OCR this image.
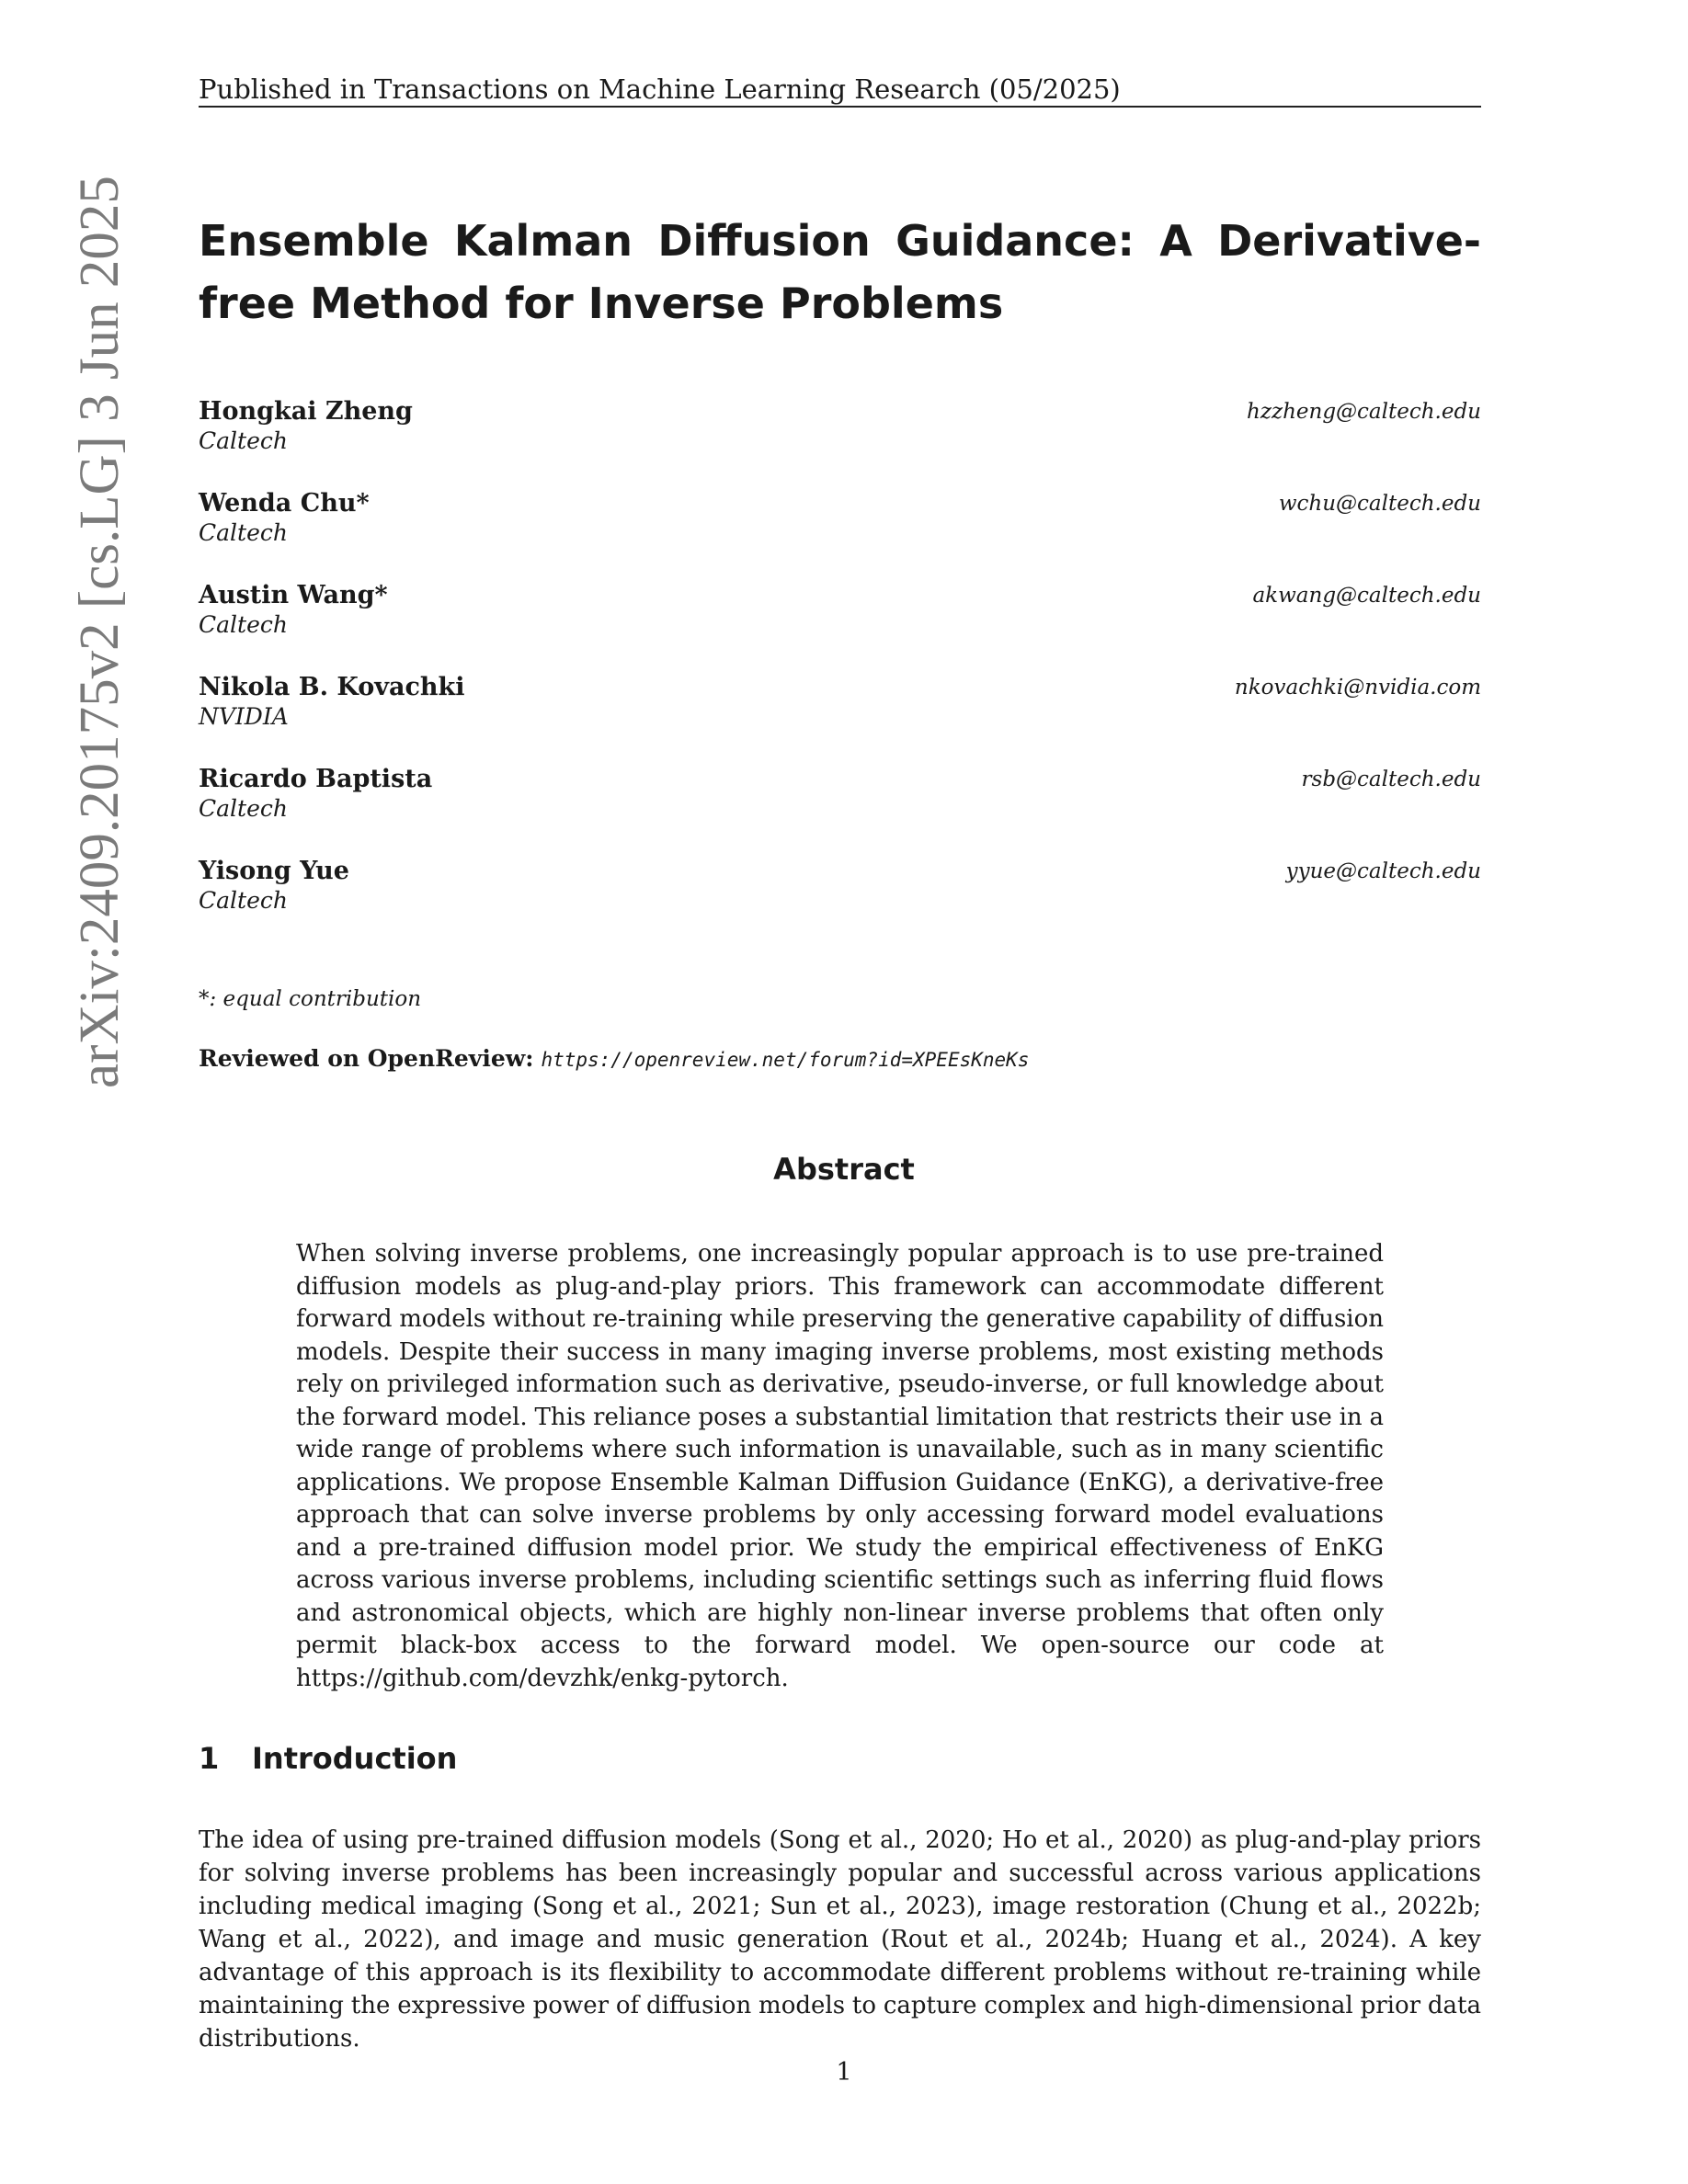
Published in Transactions on Machine Learning Research (05/2025)
arXiv:2409.20175v2 [cs.LG] 3 Jun 2025 Ensemble Kalman Diffusion Guidance: A Derivative-free Method for Inverse Problems
Hongkai Zheng
Caltech
hzzheng@caltech.edu
Wenda Chu*
Caltech
wchu@caltech.edu
Austin Wang*
Caltech
akwang@caltech.edu
Nikola B. Kovachki
NVIDIA
nkovachki@nvidia.com
Ricardo Baptista
Caltech
rsb@caltech.edu
Yisong Yue
Caltech
yyue@caltech.edu
*: equal contribution
Reviewed on OpenReview: https://openreview.net/forum?id=XPEEsKneKs
Abstract
When solving inverse problems, one increasingly popular approach is to use pre-trained diffusion models as plug-and-play priors. This framework can accommodate different forward models without re-training while preserving the generative capability of diffusion models. Despite their success in many imaging inverse problems, most existing methods rely on privileged information such as derivative, pseudo-inverse, or full knowledge about the forward model. This reliance poses a substantial limitation that restricts their use in a wide range of problems where such information is unavailable, such as in many scientific applications. We propose Ensemble Kalman Diffusion Guidance (EnKG), a derivative-free approach that can solve inverse problems by only accessing forward model evaluations and a pre-trained diffusion model prior. We study the empirical effectiveness of EnKG across various inverse problems, including scientific settings such as inferring fluid flows and astronomical objects, which are highly non-linear inverse problems that often only permit black-box access to the forward model. We open-source our code at https://github.com/devzhk/enkg-pytorch.
1 Introduction
The idea of using pre-trained diffusion models (Song et al., 2020; Ho et al., 2020) as plug-and-play priors for solving inverse problems has been increasingly popular and successful across various applications including medical imaging (Song et al., 2021; Sun et al., 2023), image restoration (Chung et al., 2022b; Wang et al., 2022), and image and music generation (Rout et al., 2024b; Huang et al., 2024). A key advantage of this approach is its flexibility to accommodate different problems without re-training while maintaining the expressive power of diffusion models to capture complex and high-dimensional prior data distributions.
1
